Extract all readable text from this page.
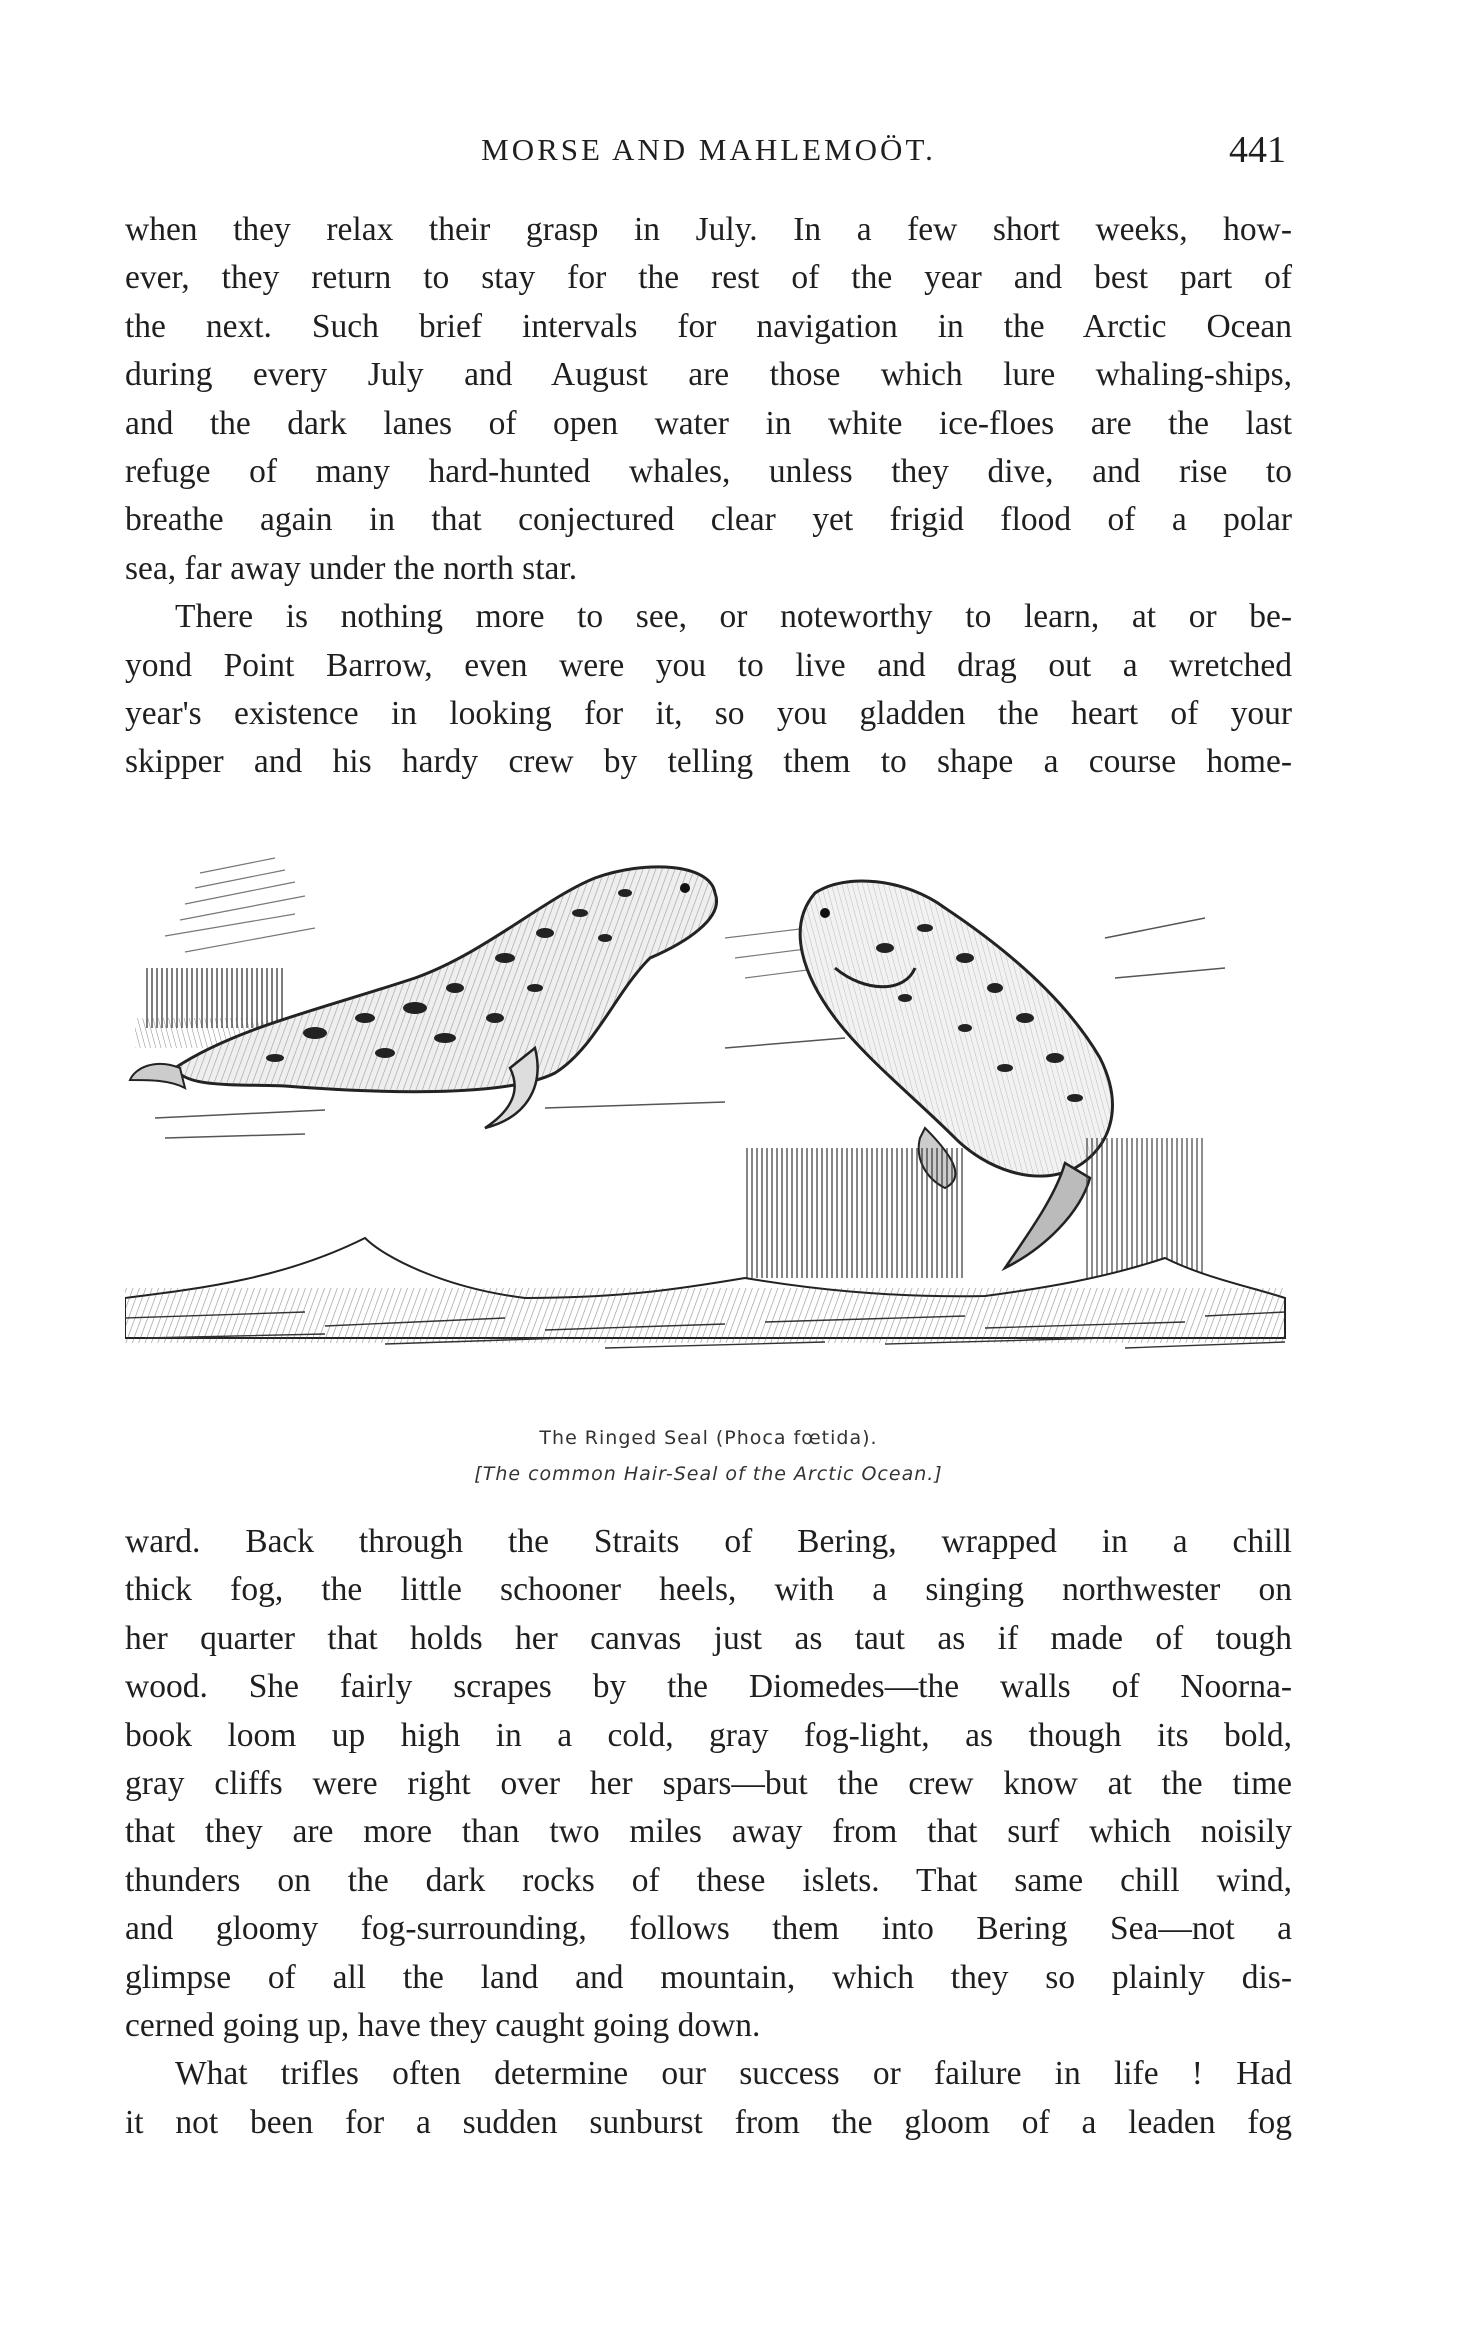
MORSE AND MAHLEMOÖT.	441
when they relax their grasp in July. In a few short weeks, how-
ever, they return to stay for the rest of the year and best part of
the next. Such brief intervals for navigation in the Arctic Ocean
during every July and August are those which lure whaling-ships,
and the dark lanes of open water in white ice-floes are the last
refuge of many hard-hunted whales, unless they dive, and rise to
breathe again in that conjectured clear yet frigid flood of a polar
sea, far away under the north star.
There is nothing more to see, or noteworthy to learn, at or be-
yond Point Barrow, even were you to live and drag out a wretched
year's existence in looking for it, so you gladden the heart of your
skipper and his hardy crew by telling them to shape a course home-
The Ringed Seal (Phoca fœtida).
[The common Hair-Seal of the Arctic Ocean.]
ward. Back through the Straits of Bering, wrapped in a chill
thick fog, the little schooner heels, with a singing northwester on
her quarter that holds her canvas just as taut as if made of tough
wood. She fairly scrapes by the Diomedes—the walls of Noorna-
book loom up high in a cold, gray fog-light, as though its bold,
gray cliffs were right over her spars—but the crew know at the time
that they are more than two miles away from that surf which noisily
thunders on the dark rocks of these islets. That same chill wind,
and gloomy fog-surrounding, follows them into Bering Sea—not a
glimpse of all the land and mountain, which they so plainly dis-
cerned going up, have they caught going down.
What trifles often determine our success or failure in life ! Had
it not been for a sudden sunburst from the gloom of a leaden fog
